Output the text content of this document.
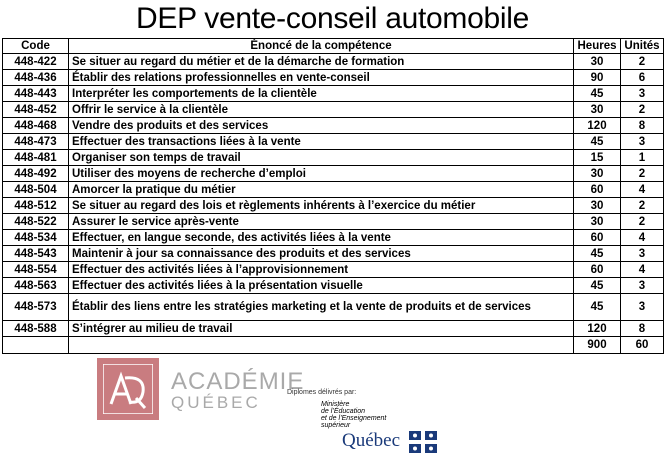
DEP vente-conseil automobile
Code	Énoncé de la compétence	Heures	Unités
448-422	Se situer au regard du métier et de la démarche de formation	30	2
448-436	Établir des relations professionnelles en vente-conseil	90	6
448-443	Interpréter les comportements de la clientèle	45	3
448-452	Offrir le service à la clientèle	30	2
448-468	Vendre des produits et des services	120	8
448-473	Effectuer des transactions liées à la vente	45	3
448-481	Organiser son temps de travail	15	1
448-492	Utiliser des moyens de recherche d’emploi	30	2
448-504	Amorcer la pratique du métier	60	4
448-512	Se situer au regard des lois et règlements inhérents à l’exercice du métier	30	2
448-522	Assurer le service après-vente	30	2
448-534	Effectuer, en langue seconde, des activités liées à la vente	60	4
448-543	Maintenir à jour sa connaissance des produits et des services	45	3
448-554	Effectuer des activités liées à l’approvisionnement	60	4
448-563	Effectuer des activités liées à la présentation visuelle	45	3
448-573	Établir des liens entre les stratégies marketing et la vente de produits et de services	45	3
448-588	S’intégrer au milieu de travail	120	8
		900	60
ACADÉMIE
QUÉBEC
Diplomes délivrés par:
Ministère
de l’Éducation
et de l’Enseignement
supérieur
Québec
